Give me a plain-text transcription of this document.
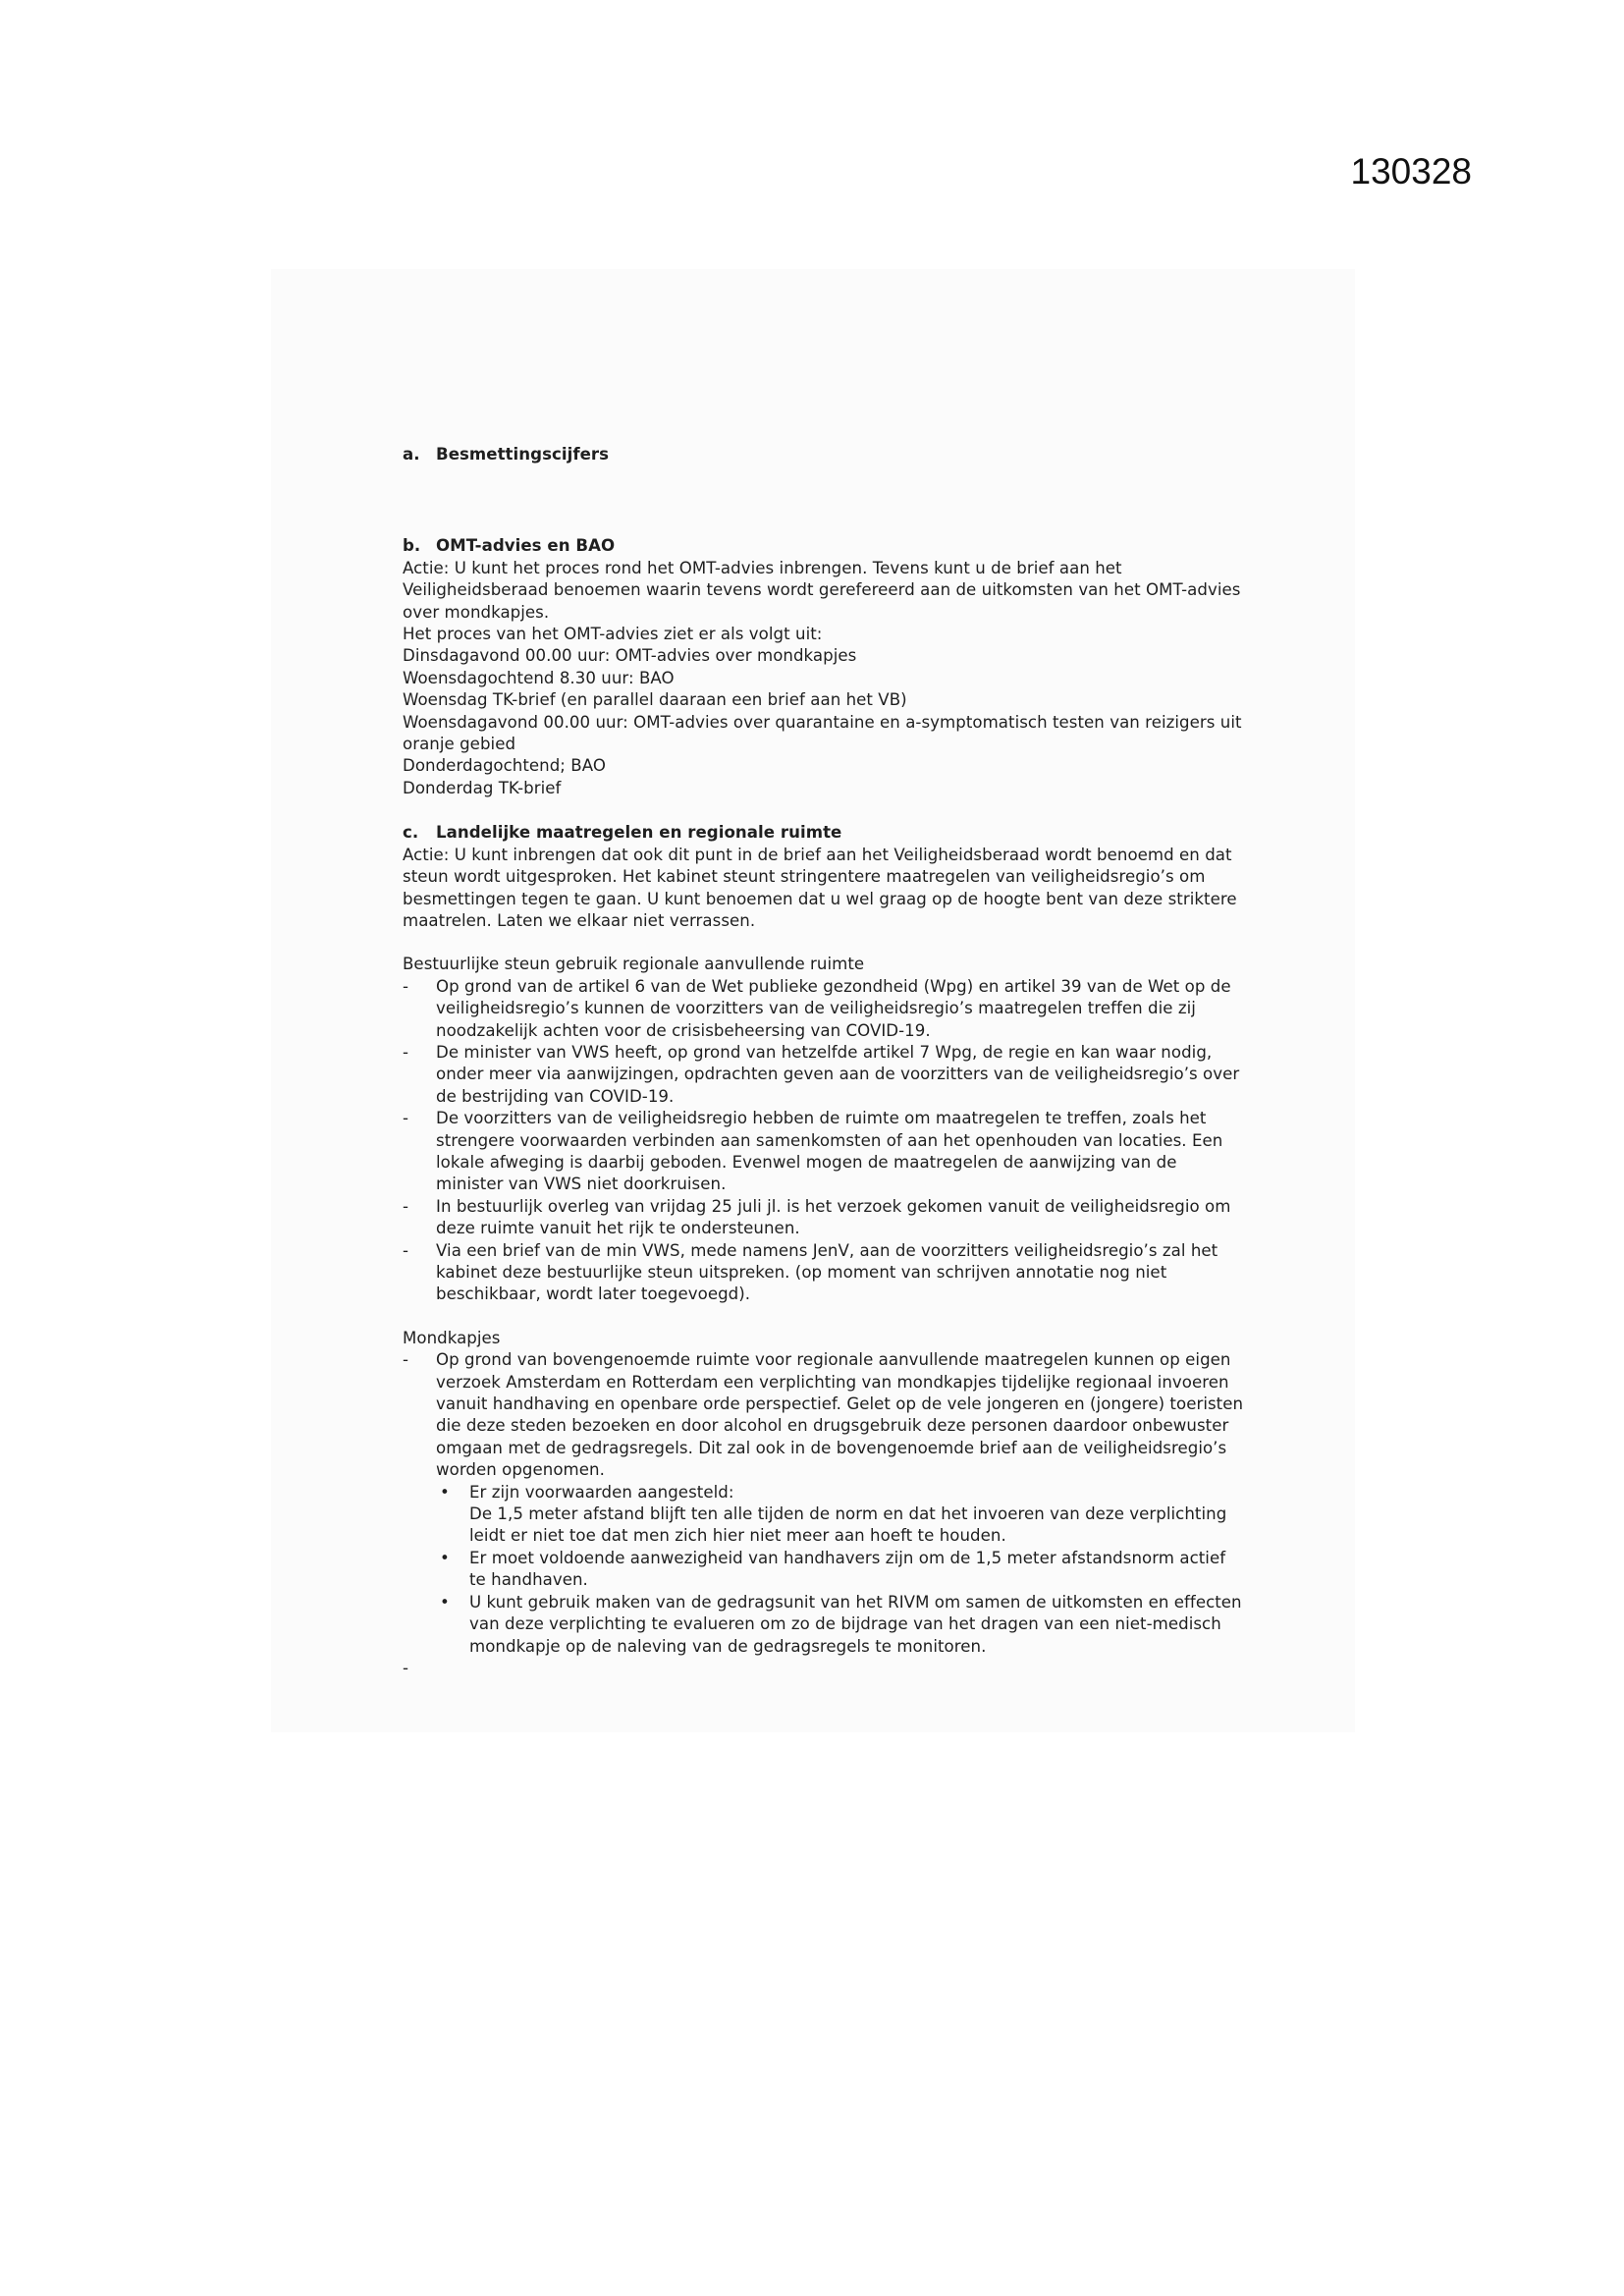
130328
a. Besmettingscijfers
b. OMT-advies en BAO

Actie: U kunt het proces rond het OMT-advies inbrengen. Tevens kunt u de brief aan het Veiligheidsberaad benoemen waarin tevens wordt gerefereerd aan de uitkomsten van het OMT-advies over mondkapjes.

Het proces van het OMT-advies ziet er als volgt uit:

Dinsdagavond 00.00 uur: OMT-advies over mondkapjes

Woensdagochtend 8.30 uur: BAO

Woensdag TK-brief (en parallel daaraan een brief aan het VB)

Woensdagavond 00.00 uur: OMT-advies over quarantaine en a-symptomatisch testen van reizigers uit oranje gebied

Donderdagochtend; BAO

Donderdag TK-brief

c.	Landelijke maatregelen en regionale ruimte

Actie: U kunt inbrengen dat ook dit punt in de brief aan het Veiligheidsberaad wordt benoemd en dat steun wordt uitgesproken. Het kabinet steunt stringentere maatregelen van veiligheidsregio’s om besmettingen tegen te gaan. U kunt benoemen dat u wel graag op de hoogte bent van deze striktere maatrelen. Laten we elkaar niet verrassen.

Bestuurlijke steun gebruik regionale aanvullende ruimte

- Op grond van de artikel 6 van de Wet publieke gezondheid (Wpg) en artikel 39 van de Wet op de veiligheidsregio’s kunnen de voorzitters van de veiligheidsregio’s maatregelen treffen die zij noodzakelijk achten voor de crisisbeheersing van COVID-19.
- De minister van VWS heeft, op grond van hetzelfde artikel 7 Wpg, de regie en kan waar nodig, onder meer via aanwijzingen, opdrachten geven aan de voorzitters van de veiligheidsregio’s over de bestrijding van COVID-19.
- De voorzitters van de veiligheidsregio hebben de ruimte om maatregelen te treffen, zoals het strengere voorwaarden verbinden aan samenkomsten of aan het openhouden van locaties. Een lokale afweging is daarbij geboden. Evenwel mogen de maatregelen de aanwijzing van de minister van VWS niet doorkruisen.
- In bestuurlijk overleg van vrijdag 25 juli jl. is het verzoek gekomen vanuit de veiligheidsregio om deze ruimte vanuit het rijk te ondersteunen.
- Via een brief van de min VWS, mede namens JenV, aan de voorzitters veiligheidsregio’s zal het kabinet deze bestuurlijke steun uitspreken. (op moment van schrijven annotatie nog niet beschikbaar, wordt later toegevoegd).

Mondkapjes

- Op grond van bovengenoemde ruimte voor regionale aanvullende maatregelen kunnen op eigen verzoek Amsterdam en Rotterdam een verplichting van mondkapjes tijdelijke regionaal invoeren vanuit handhaving en openbare orde perspectief. Gelet op de vele jongeren en (jongere) toeristen die deze steden bezoeken en door alcohol en drugsgebruik deze personen daardoor onbewuster omgaan met de gedragsregels. Dit zal ook in de bovengenoemde brief aan de veiligheidsregio’s worden opgenomen.
• Er zijn voorwaarden aangesteld:
De 1,5 meter afstand blijft ten alle tijden de norm en dat het invoeren van deze verplichting leidt er niet toe dat men zich hier niet meer aan hoeft te houden.
• Er moet voldoende aanwezigheid van handhavers zijn om de 1,5 meter afstandsnorm actief te handhaven.
• U kunt gebruik maken van de gedragsunit van het RIVM om samen de uitkomsten en effecten van deze verplichting te evalueren om zo de bijdrage van het dragen van een niet-medisch mondkapje op de naleving van de gedragsregels te monitoren.
-
